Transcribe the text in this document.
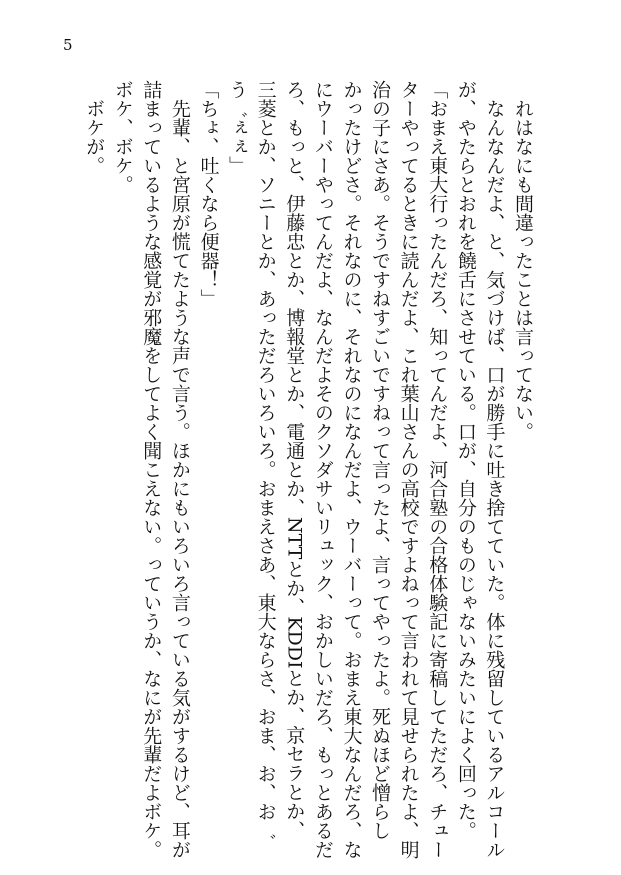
5

　れはなにも間違ったことは言ってない。

　なんなんだよ、と、気づけば、口が勝手に吐き捨てていた。体に残留しているアルコール

が、やたらとおれを饒舌にさせている。口が、自分のものじゃないみたいによく回った。

「おまえ東大行ったんだろ、知ってんだよ、河合塾の合格体験記に寄稿してただろ、チュー

ターやってるときに読んだよ、これ葉山さんの高校ですよねって言われて見せられたよ、明

治の子にさあ。そうですねすごいですねって言ったよ、言ってやったよ。死ぬほど憎らし

かったけどさ。それなのに、それなのになんだよ、ウーバーって。おまえ東大なんだろ、な

にウーバーやってんだよ、なんだよそのクソダサいリュック、おかしいだろ、もっとあるだ

ろ、もっと、伊藤忠とか、博報堂とか、電通とか、NTTとか、KDDIとか、京セラとか、

三菱とか、ソニーとか、あっただろいろいろ。おまえさあ、東大ならさ、おま、お、お゛

う゛ぇぇ」

「ちょ、吐くなら便器！」

　先輩、と宮原が慌てたような声で言う。ほかにもいろいろ言っている気がするけど、耳が

詰まっているような感覚が邪魔をしてよく聞こえない。っていうか、なにが先輩だよボケ。

ボケ、ボケ。

　ボケが。
